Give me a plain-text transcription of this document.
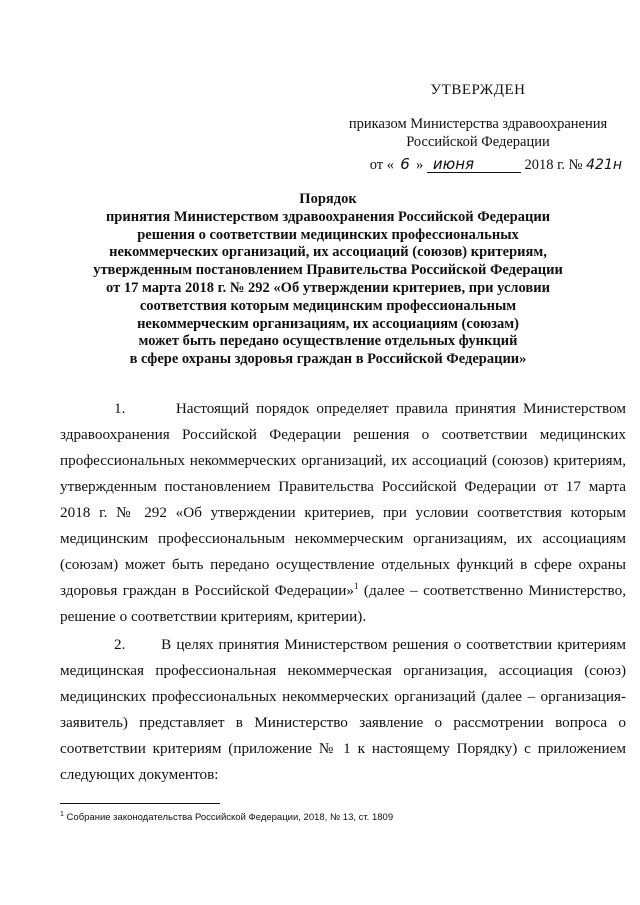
УТВЕРЖДЕН
приказом Министерства здравоохранения
Российской Федерации
от « 6 » июня	2018 г. № 421н
Порядок
принятия Министерством здравоохранения Российской Федерации
решения о соответствии медицинских профессиональных
некоммерческих организаций, их ассоциаций (союзов) критериям,
утвержденным постановлением Правительства Российской Федерации
от 17 марта 2018 г. № 292 «Об утверждении критериев, при условии
соответствия которым медицинским профессиональным
некоммерческим организациям, их ассоциациям (союзам)
может быть передано осуществление отдельных функций
в сфере охраны здоровья граждан в Российской Федерации»

1.	Настоящий порядок определяет правила принятия Министерством здравоохранения Российской Федерации решения о соответствии медицинских профессиональных некоммерческих организаций, их ассоциаций (союзов) критериям, утвержденным постановлением Правительства Российской Федерации от 17 марта 2018 г. № 292 «Об утверждении критериев, при условии соответствия которым медицинским профессиональным некоммерческим организациям, их ассоциациям (союзам) может быть передано осуществление отдельных функций в сфере охраны здоровья граждан в Российской Федерации»$^1$ (далее – соответственно Министерство, решение о соответствии критериям, критерии).

2. В целях принятия Министерством решения о соответствии критериям медицинская профессиональная некоммерческая организация, ассоциация (союз) медицинских профессиональных некоммерческих организаций (далее – организация-заявитель) представляет в Министерство заявление о рассмотрении вопроса о соответствии критериям (приложение № 1 к настоящему Порядку) с приложением следующих документов:

$^1$ Собрание законодательства Российской Федерации, 2018, № 13, ст. 1809
